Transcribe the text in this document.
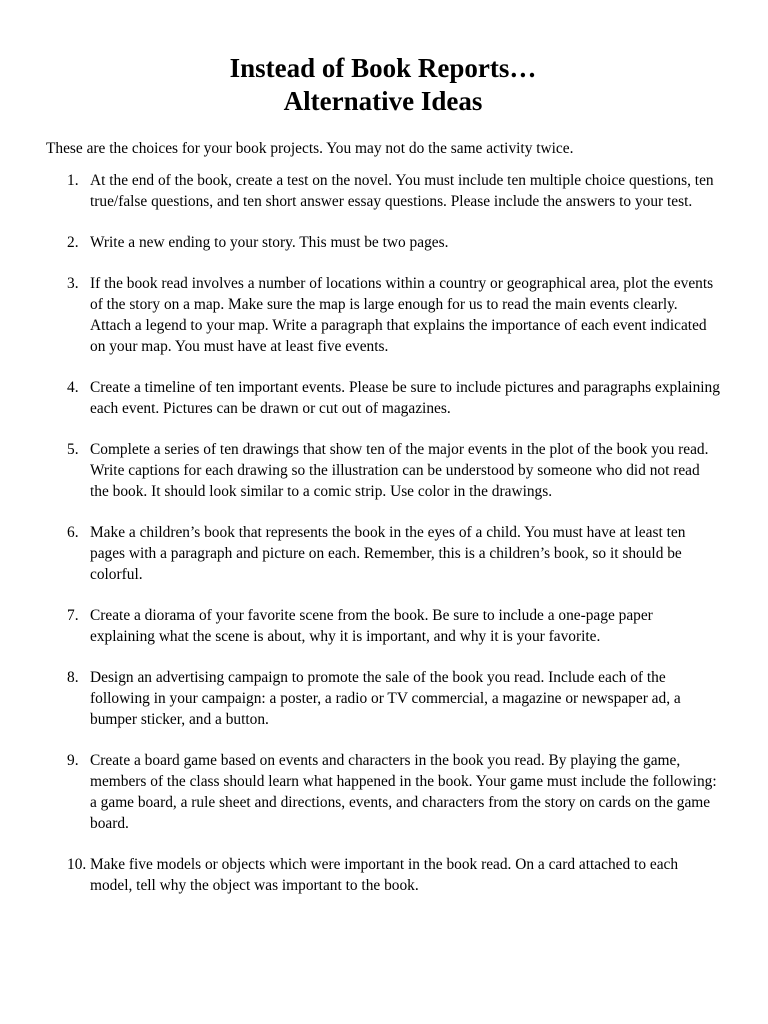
Instead of Book Reports…
Alternative Ideas

These are the choices for your book projects. You may not do the same activity twice.

1. At the end of the book, create a test on the novel. You must include ten multiple choice questions, ten true/false questions, and ten short answer essay questions. Please include the answers to your test.
2. Write a new ending to your story. This must be two pages.
3. If the book read involves a number of locations within a country or geographical area, plot the events of the story on a map. Make sure the map is large enough for us to read the main events clearly. Attach a legend to your map. Write a paragraph that explains the importance of each event indicated on your map. You must have at least five events.
4. Create a timeline of ten important events. Please be sure to include pictures and paragraphs explaining each event. Pictures can be drawn or cut out of magazines.
5. Complete a series of ten drawings that show ten of the major events in the plot of the book you read. Write captions for each drawing so the illustration can be understood by someone who did not read the book. It should look similar to a comic strip. Use color in the drawings.
6. Make a children’s book that represents the book in the eyes of a child. You must have at least ten pages with a paragraph and picture on each. Remember, this is a children’s book, so it should be colorful.
7. Create a diorama of your favorite scene from the book. Be sure to include a one-page paper explaining what the scene is about, why it is important, and why it is your favorite.
8. Design an advertising campaign to promote the sale of the book you read. Include each of the following in your campaign: a poster, a radio or TV commercial, a magazine or newspaper ad, a bumper sticker, and a button.
9. Create a board game based on events and characters in the book you read. By playing the game, members of the class should learn what happened in the book. Your game must include the following: a game board, a rule sheet and directions, events, and characters from the story on cards on the game board.
10. Make five models or objects which were important in the book read. On a card attached to each model, tell why the object was important to the book.
